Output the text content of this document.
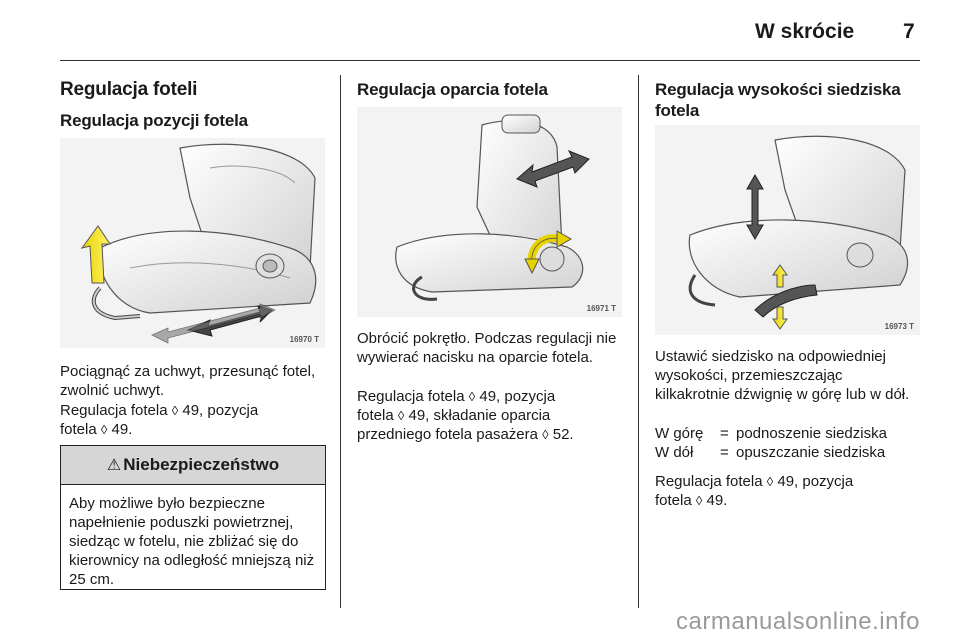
W skrócie 7
Regulacja foteli
Regulacja pozycji fotela
16970 T

Pociągnąć za uchwyt, przesunąć fotel, zwolnić uchwyt.

Regulacja fotela ◊ 49, pozycja
fotela ◊ 49.

⚠ Niebezpieczeństwo
Aby możliwe było bezpieczne napełnienie poduszki powietrznej, siedząc w fotelu, nie zbliżać się do kierownicy na odległość mniejszą niż 25 cm.
Regulacja oparcia fotela
16971 T

Obrócić pokrętło. Podczas regulacji nie wywierać nacisku na oparcie fotela.

Regulacja fotela ◊ 49, pozycja
fotela ◊ 49, składanie oparcia
przedniego fotela pasażera ◊ 52.

Regulacja wysokości siedziska fotela
16973 T

Ustawić siedzisko na odpowiedniej wysokości, przemieszczając kilkakrotnie dźwignię w górę lub w dół.

W górę	=	podnoszenie siedziska
W dół	=	opuszczanie siedziska

Regulacja fotela ◊ 49, pozycja
fotela ◊ 49.

carmanualsonline.info
